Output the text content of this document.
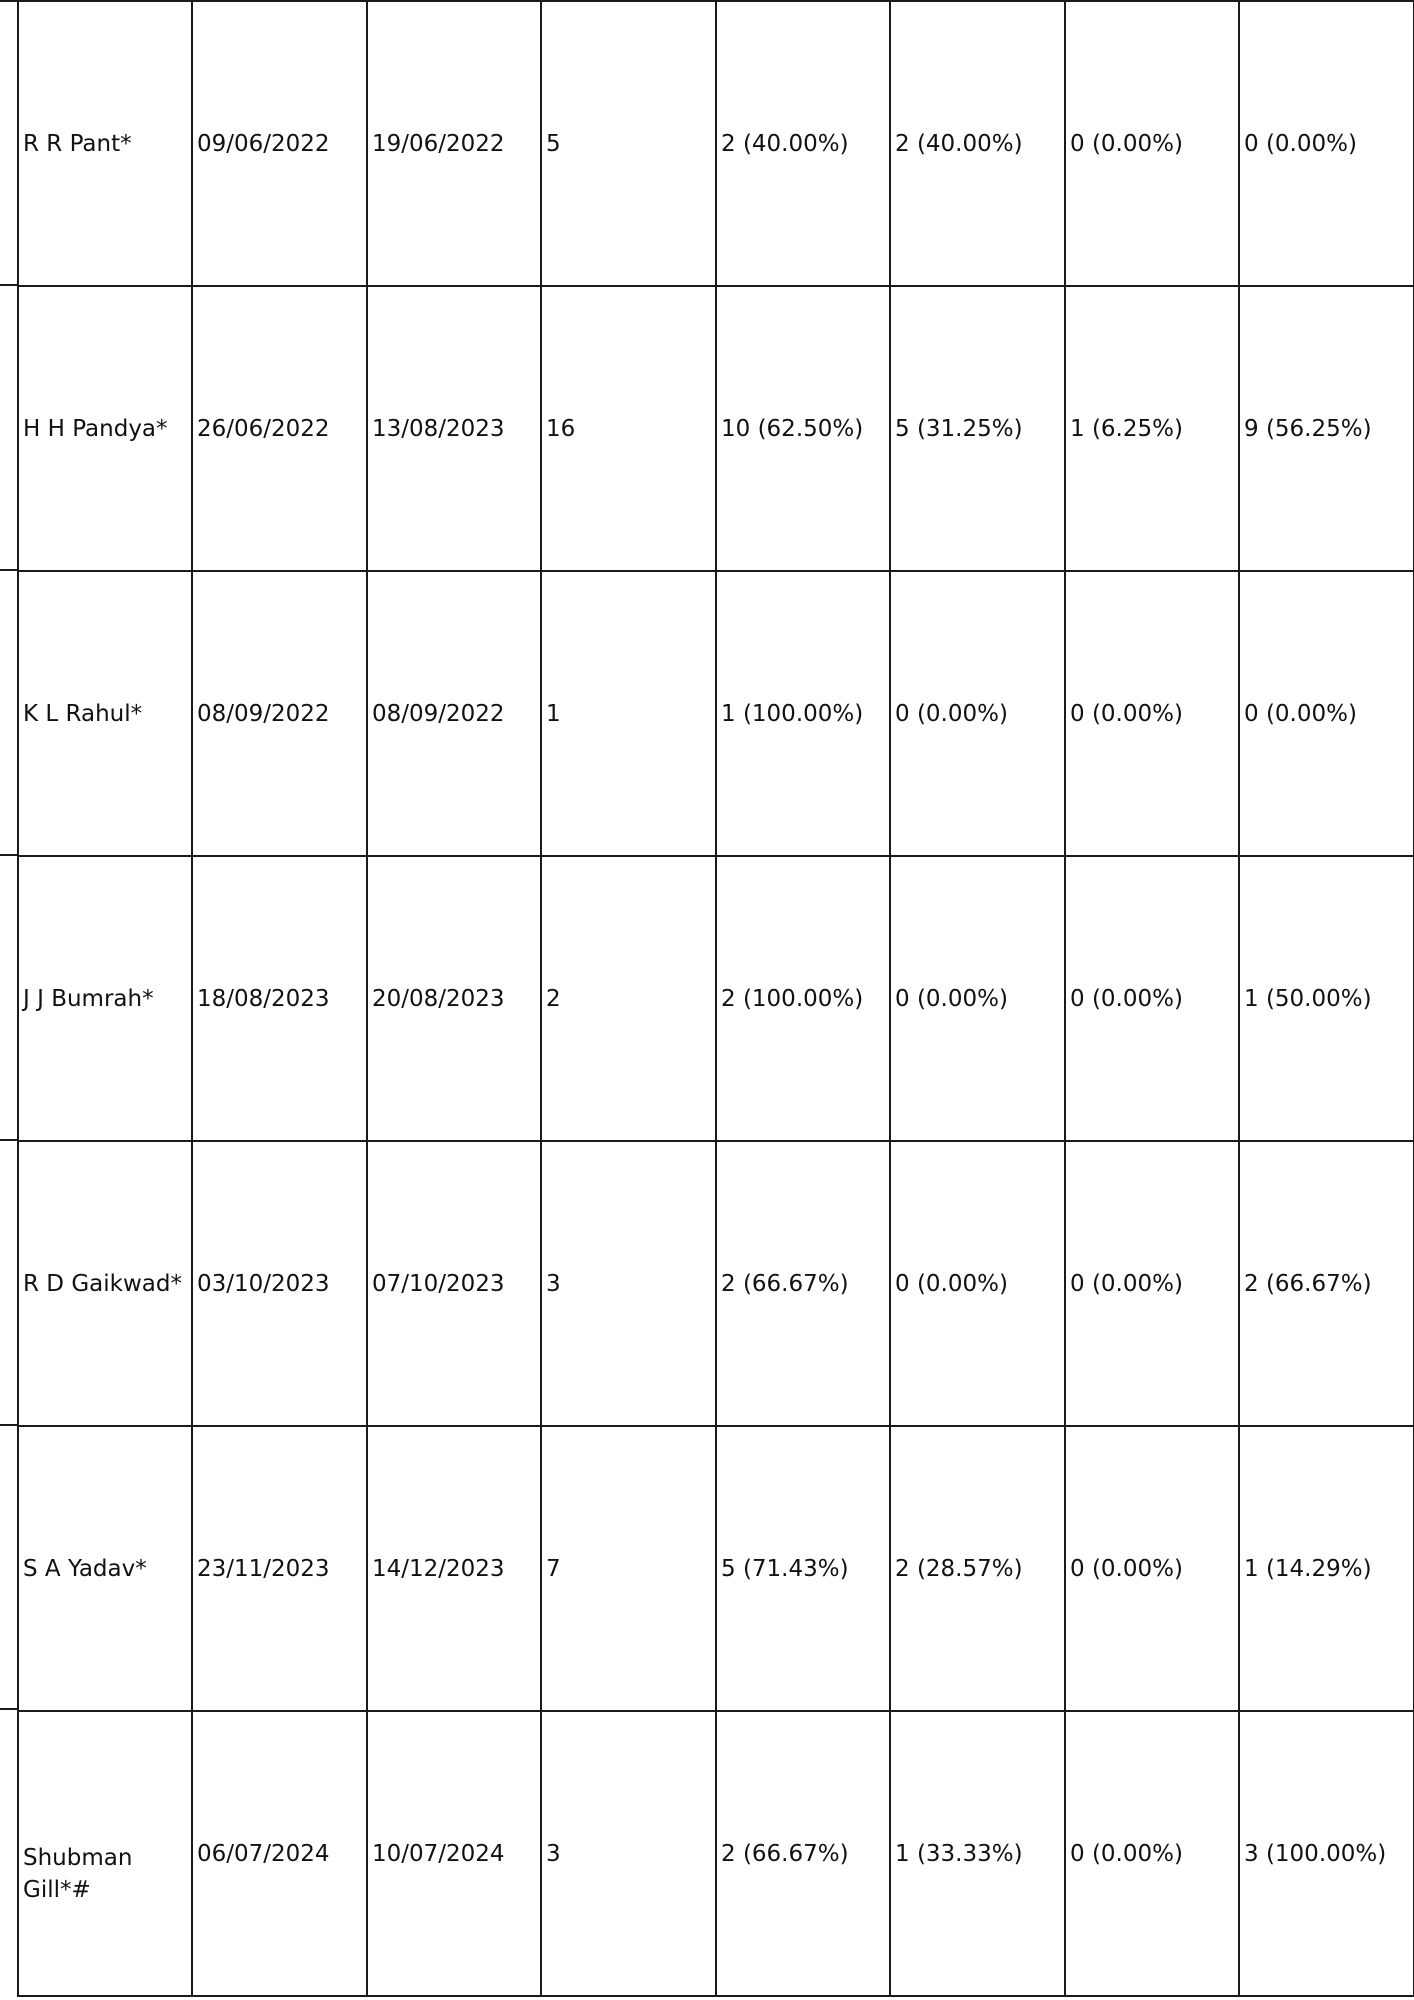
R R Pant*	09/06/2022	19/06/2022	5	2 (40.00%)	2 (40.00%)	0 (0.00%)	0 (0.00%)
H H Pandya*	26/06/2022	13/08/2023	16	10 (62.50%)	5 (31.25%)	1 (6.25%)	9 (56.25%)
K L Rahul*	08/09/2022	08/09/2022	1	1 (100.00%)	0 (0.00%)	0 (0.00%)	0 (0.00%)
J J Bumrah*	18/08/2023	20/08/2023	2	2 (100.00%)	0 (0.00%)	0 (0.00%)	1 (50.00%)
R D Gaikwad*	03/10/2023	07/10/2023	3	2 (66.67%)	0 (0.00%)	0 (0.00%)	2 (66.67%)
S A Yadav*	23/11/2023	14/12/2023	7	5 (71.43%)	2 (28.57%)	0 (0.00%)	1 (14.29%)
Shubman Gill*#	06/07/2024	10/07/2024	3	2 (66.67%)	1 (33.33%)	0 (0.00%)	3 (100.00%)
